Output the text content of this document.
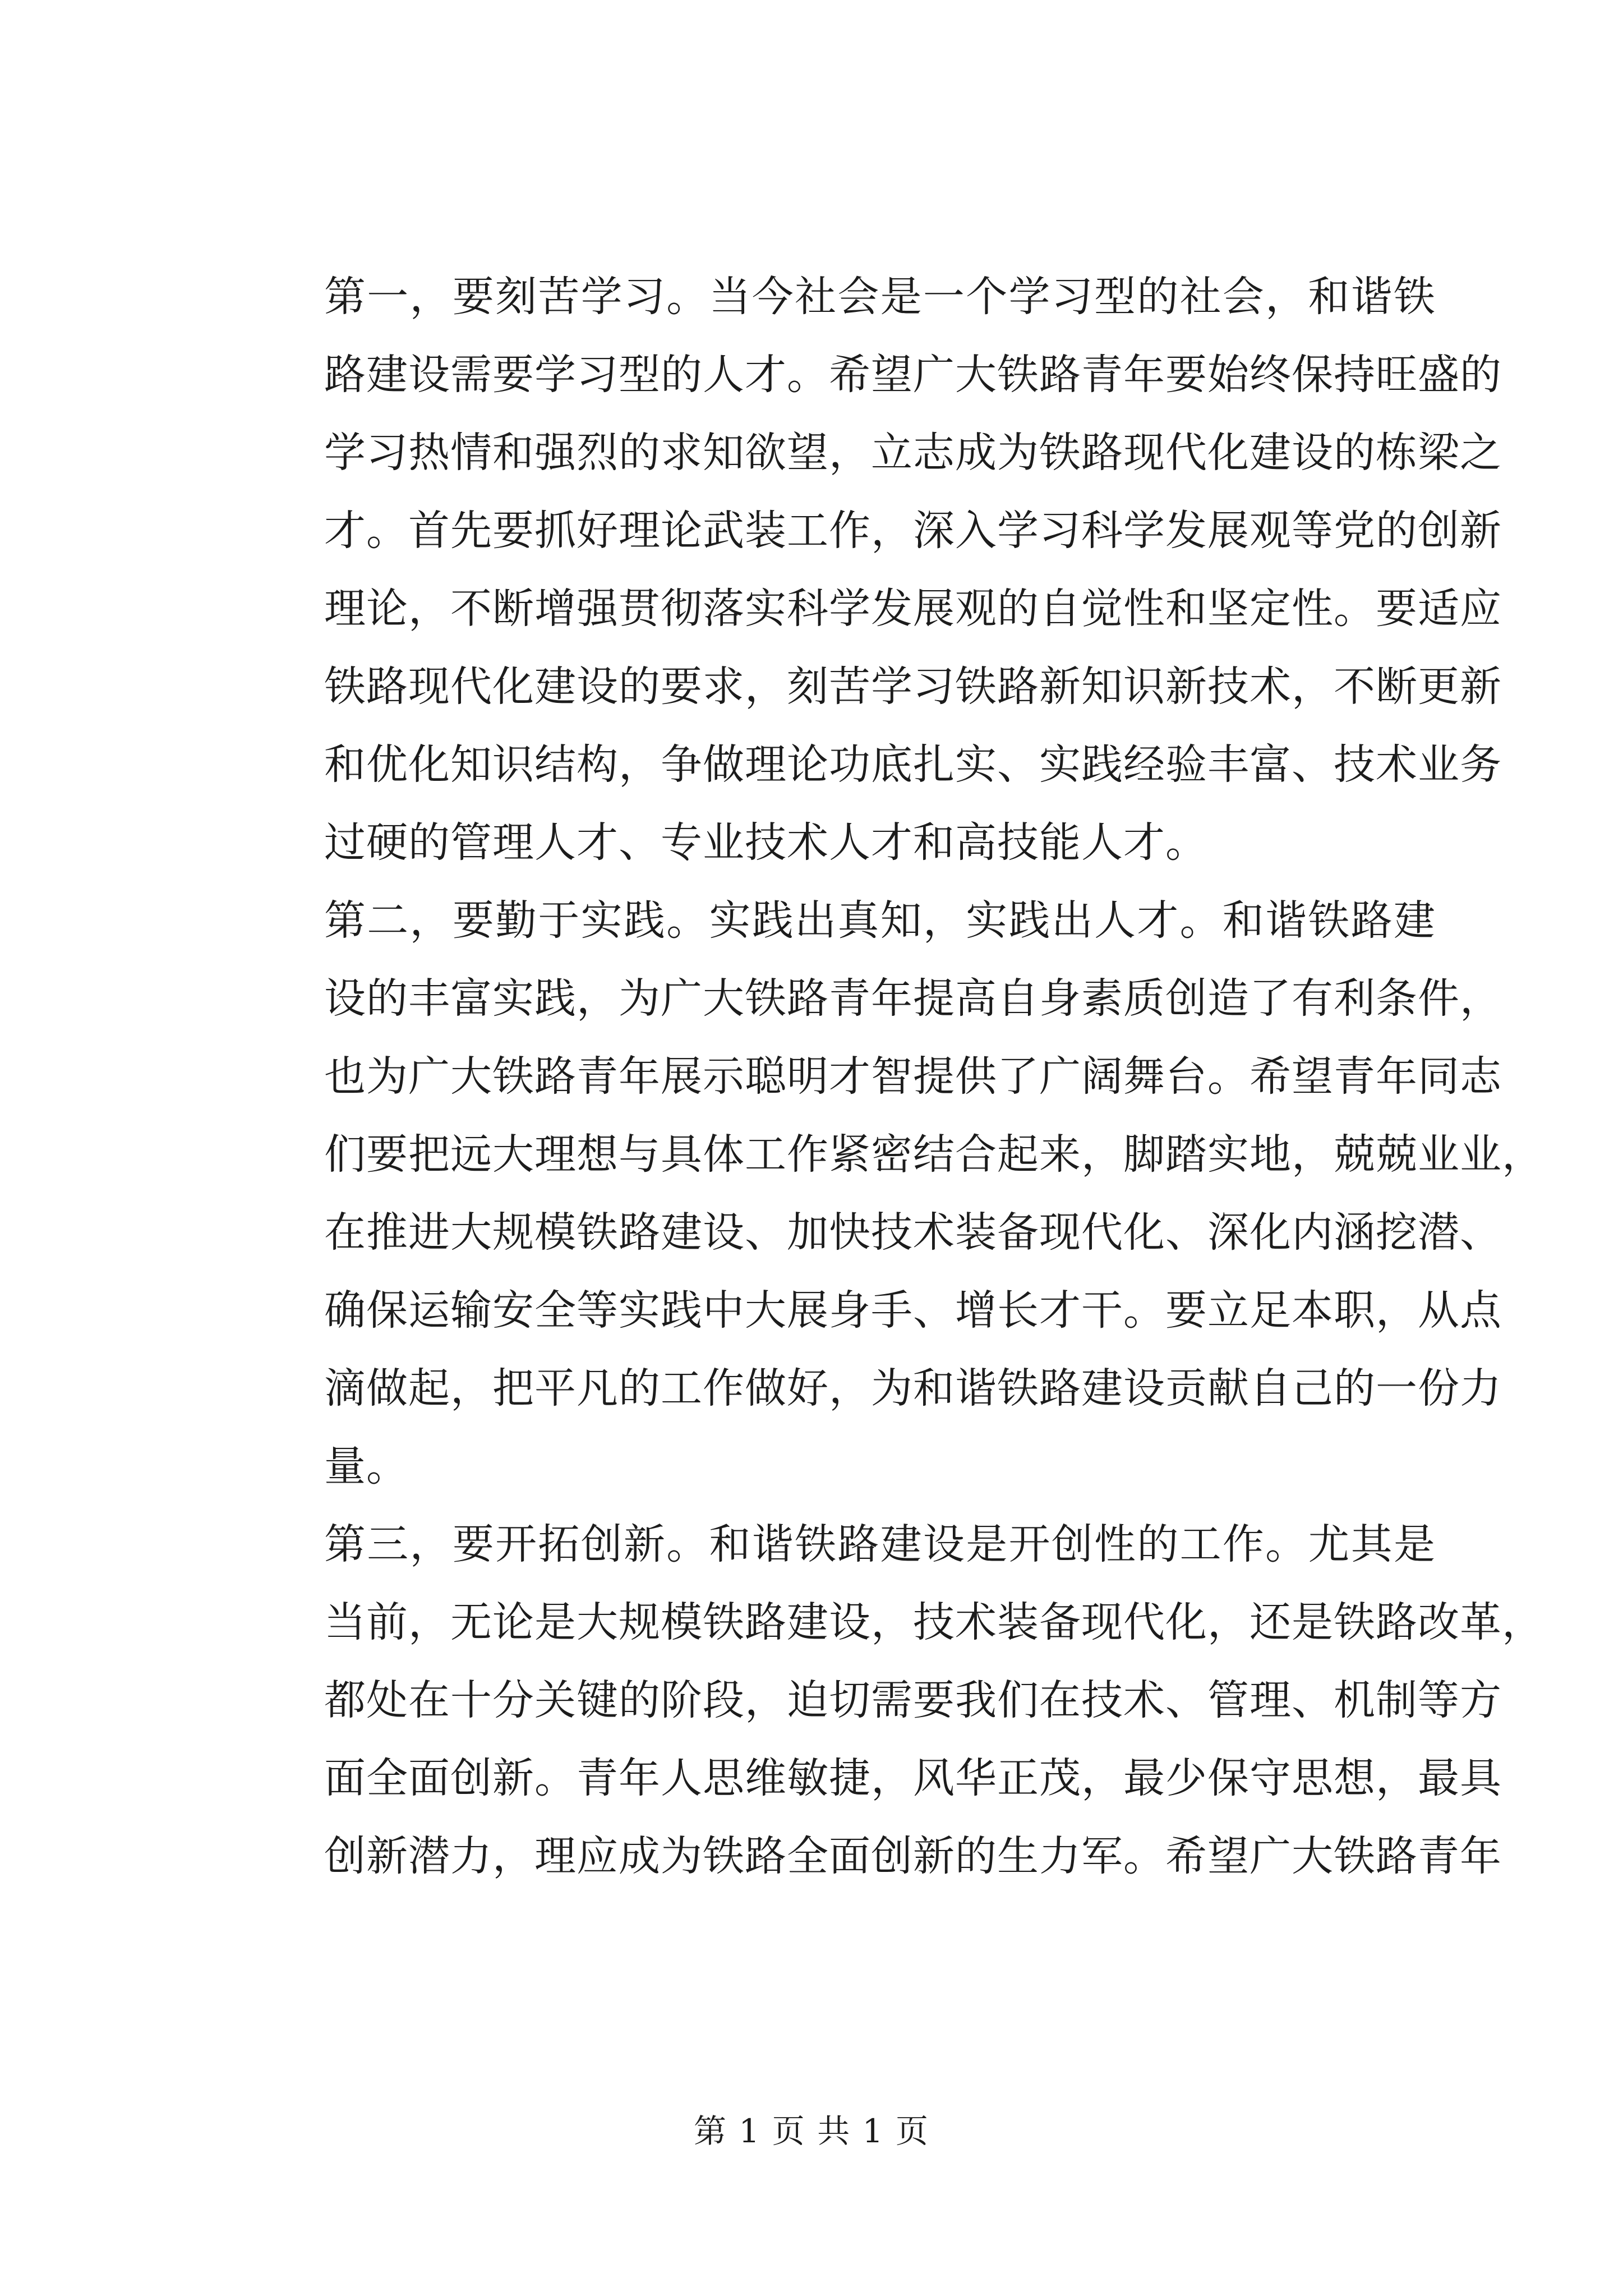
第一，要刻苦学习。当今社会是一个学习型的社会，和谐铁
路建设需要学习型的人才。希望广大铁路青年要始终保持旺盛的
学习热情和强烈的求知欲望，立志成为铁路现代化建设的栋梁之
才。首先要抓好理论武装工作，深入学习科学发展观等党的创新
理论，不断增强贯彻落实科学发展观的自觉性和坚定性。要适应
铁路现代化建设的要求，刻苦学习铁路新知识新技术，不断更新
和优化知识结构，争做理论功底扎实、实践经验丰富、技术业务
过硬的管理人才、专业技术人才和高技能人才。

第二，要勤于实践。实践出真知，实践出人才。和谐铁路建
设的丰富实践，为广大铁路青年提高自身素质创造了有利条件，
也为广大铁路青年展示聪明才智提供了广阔舞台。希望青年同志
们要把远大理想与具体工作紧密结合起来，脚踏实地，兢兢业业，
在推进大规模铁路建设、加快技术装备现代化、深化内涵挖潜、
确保运输安全等实践中大展身手、增长才干。要立足本职，从点
滴做起，把平凡的工作做好，为和谐铁路建设贡献自己的一份力
量。

第三，要开拓创新。和谐铁路建设是开创性的工作。尤其是
当前，无论是大规模铁路建设，技术装备现代化，还是铁路改革，
都处在十分关键的阶段，迫切需要我们在技术、管理、机制等方
面全面创新。青年人思维敏捷，风华正茂，最少保守思想，最具
创新潜力，理应成为铁路全面创新的生力军。希望广大铁路青年

第 1 页 共 1 页
